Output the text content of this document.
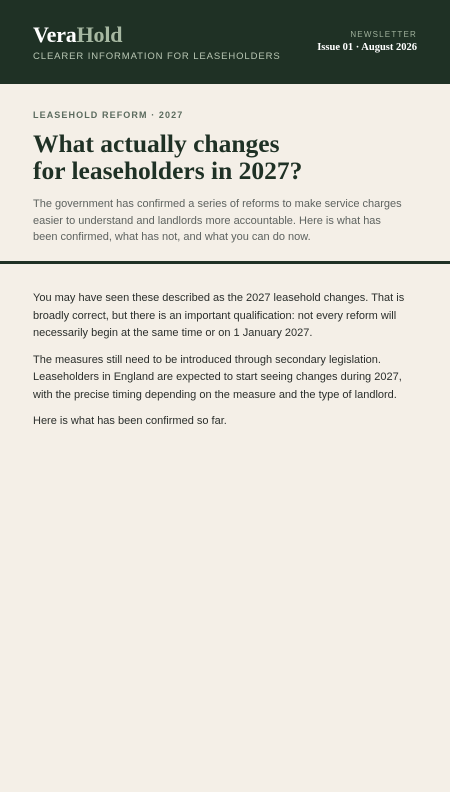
VeraHold
CLEARER INFORMATION FOR LEASEHOLDERS
NEWSLETTER
Issue 01 · August 2026
LEASEHOLD REFORM · 2027
What actually changes
for leaseholders in 2027?
The government has confirmed a series of reforms to make service charges easier to understand and landlords more accountable. Here is what has been confirmed, what has not, and what you can do now.

You may have seen these described as the 2027 leasehold changes. That is broadly correct, but there is an important qualification: not every reform will necessarily begin at the same time or on 1 January 2027.

The measures still need to be introduced through secondary legislation. Leaseholders in England are expected to start seeing changes during 2027, with the precise timing depending on the measure and the type of landlord.

Here is what has been confirmed so far.
